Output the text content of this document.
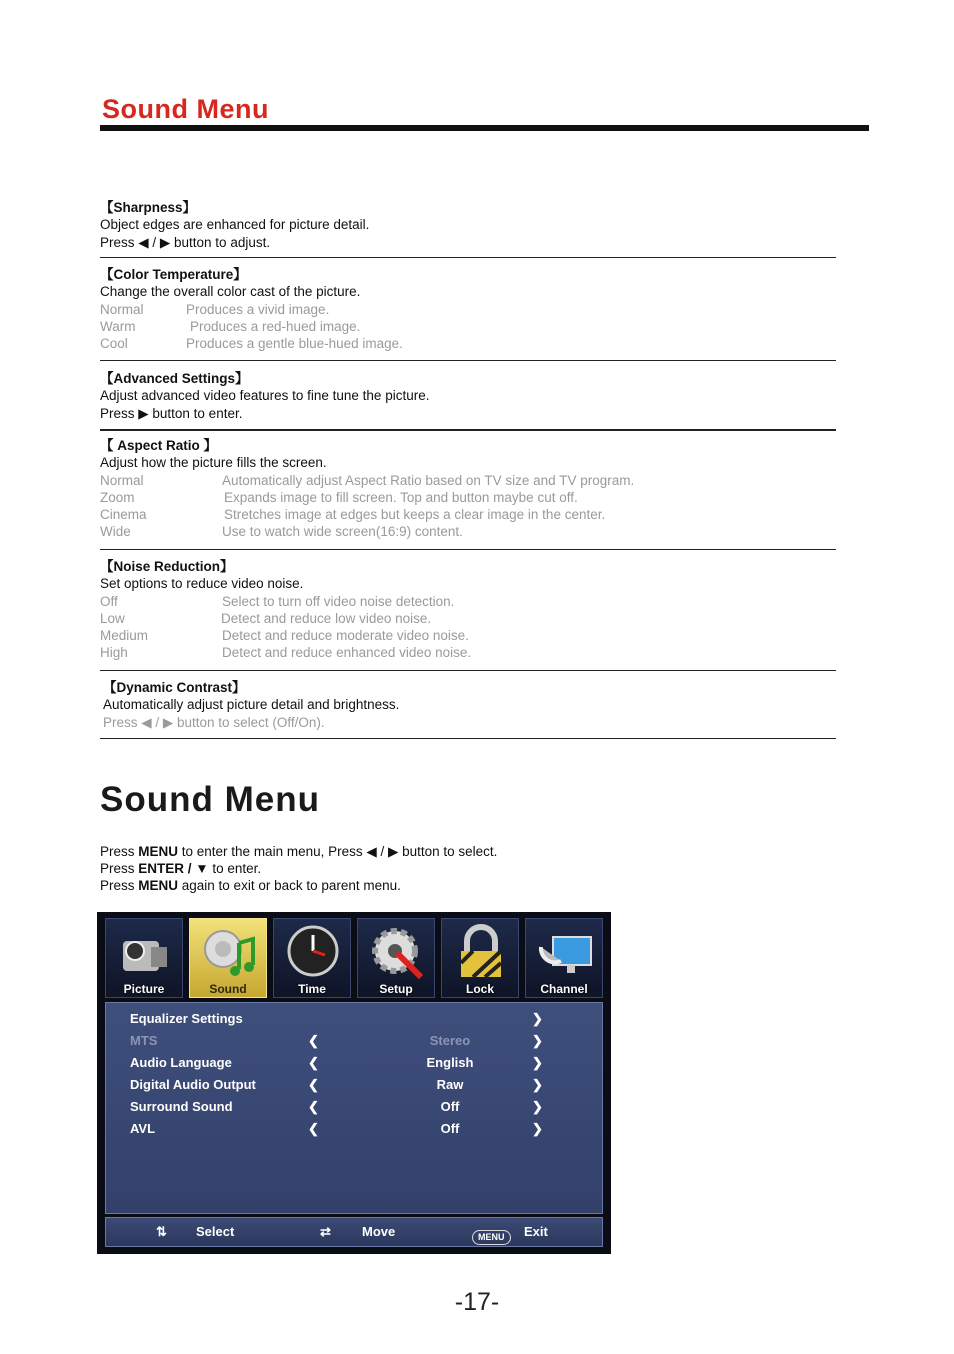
Sound Menu
【Sharpness】
Object edges are enhanced for picture detail.
Press ◀ / ▶ button to adjust.
【Color Temperature】
Change the overall color cast of the picture.
Normal	Produces a vivid image.
Warm	Produces a red-hued image.
Cool	Produces a gentle blue-hued image.
【Advanced Settings】
Adjust advanced video features to fine tune the picture.
Press ▶ button to enter.
【 Aspect Ratio 】
Adjust how the picture fills the screen.
Normal	Automatically adjust Aspect Ratio based on TV size and TV program.
Zoom	Expands image to fill screen. Top and button maybe cut off.
Cinema	Stretches image at edges but keeps a clear image in the center.
Wide	Use to watch wide screen(16:9) content.
【Noise Reduction】
Set options to reduce video noise.
Off	Select to turn off video noise detection.
Low	Detect and reduce low video noise.
Medium	Detect and reduce moderate video noise.
High	Detect and reduce enhanced video noise.
【Dynamic Contrast】
Automatically adjust picture detail and brightness.
Press ◀ / ▶ button to select (Off/On).
Sound Menu
Press MENU to enter the main menu, Press ◀ / ▶ button to select.
Press ENTER / ▼ to enter.
Press MENU again to exit or back to parent menu.
Picture	Sound	Time	Setup	Lock	Channel
Equalizer Settings	❯
MTS	❮	Stereo	❯
Audio Language	❮	English	❯
Digital Audio Output	❮	Raw	❯
Surround Sound	❮	Off	❯
AVL	❮	Off	❯
⇅ Select	⇄ Move	MENU	Exit
-17-
